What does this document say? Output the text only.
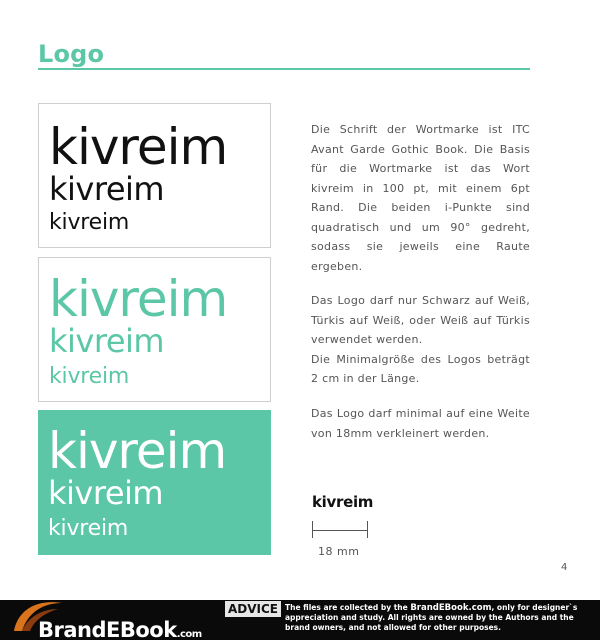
Logo
kivreim
kivreim
kivreim
kivreim
kivreim
kivreim
kivreim
kivreim
kivreim

Die Schrift der Wortmarke ist ITC Avant Garde Gothic Book. Die Basis für die Wortmarke ist das Wort kivreim in 100 pt, mit einem 6pt Rand. Die beiden i-Punkte sind quadratisch und um 90° gedreht, sodass sie jeweils eine Raute ergeben.

Das Logo darf nur Schwarz auf Weiß, Türkis auf Weiß, oder Weiß auf Türkis verwendet werden.

Die Minimalgröße des Logos beträgt 2 cm in der Länge.

Das Logo darf minimal auf eine Weite von 18mm verkleinert werden.

kivreim
18 mm
4
BrandEBook.com
ADVICE The files are collected by the BrandEBook.com, only for designer`s appreciation and study. All rights are owned by the Authors and the brand owners, and not allowed for other purposes.
